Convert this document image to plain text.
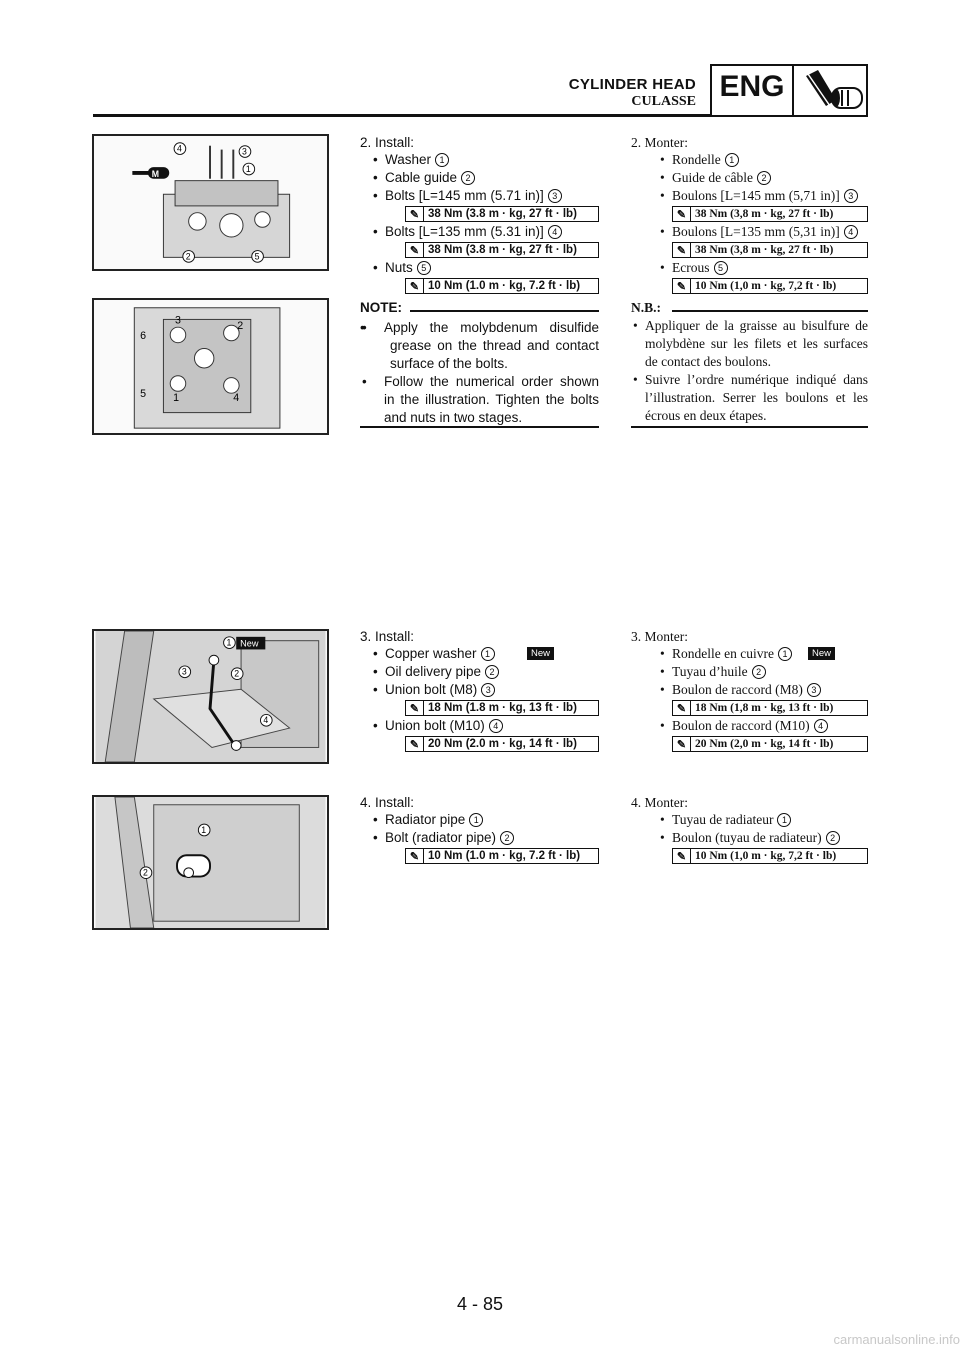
CYLINDER HEAD
CULASSE ENG
M
4	3
1
2	5
3	2
6
5 1	4
New
1
3	2
4
1
2
2. Install:
• Washer 1
• Cable guide 2
• Bolts [L=145 mm (5.71 in)] 3
✎ 38 Nm (3.8 m · kg, 27 ft · lb)
• Bolts [L=135 mm (5.31 in)] 4
✎ 38 Nm (3.8 m · kg, 27 ft · lb)
• Nuts 5
✎ 10 Nm (1.0 m · kg, 7.2 ft · lb)
NOTE:
• •	Apply the molybdenum disulfide grease on the thread and contact surface of the bolts.
•	Follow the numerical order shown in the illustration. Tighten the bolts and nuts in two stages.
2. Monter:
• Rondelle 1
• Guide de câble 2
• Boulons [L=145 mm (5,71 in)] 3
✎ 38 Nm (3,8 m · kg, 27 ft · lb)
• Boulons [L=135 mm (5,31 in)] 4
✎ 38 Nm (3,8 m · kg, 27 ft · lb)
• Ecrous 5
✎ 10 Nm (1,0 m · kg, 7,2 ft · lb)
N.B.:
• Appliquer de la graisse au bisulfure de molybdène sur les filets et les surfaces de contact des boulons.
• Suivre l’ordre numérique indiqué dans l’illustration. Serrer les boulons et les écrous en deux étapes.
3. Install:
• Copper washer 1	New
• Oil delivery pipe 2
• Union bolt (M8) 3
✎ 18 Nm (1.8 m · kg, 13 ft · lb)
• Union bolt (M10) 4
✎ 20 Nm (2.0 m · kg, 14 ft · lb)
3. Monter:
• Rondelle en cuivre 1	New
• Tuyau d’huile 2
• Boulon de raccord (M8) 3
✎ 18 Nm (1,8 m · kg, 13 ft · lb)
• Boulon de raccord (M10) 4
✎ 20 Nm (2,0 m · kg, 14 ft · lb)
4. Install:
• Radiator pipe 1
• Bolt (radiator pipe) 2
✎ 10 Nm (1.0 m · kg, 7.2 ft · lb)
4. Monter:
• Tuyau de radiateur 1
• Boulon (tuyau de radiateur) 2
✎ 10 Nm (1,0 m · kg, 7,2 ft · lb)
4 - 85
carmanualsonline.info
